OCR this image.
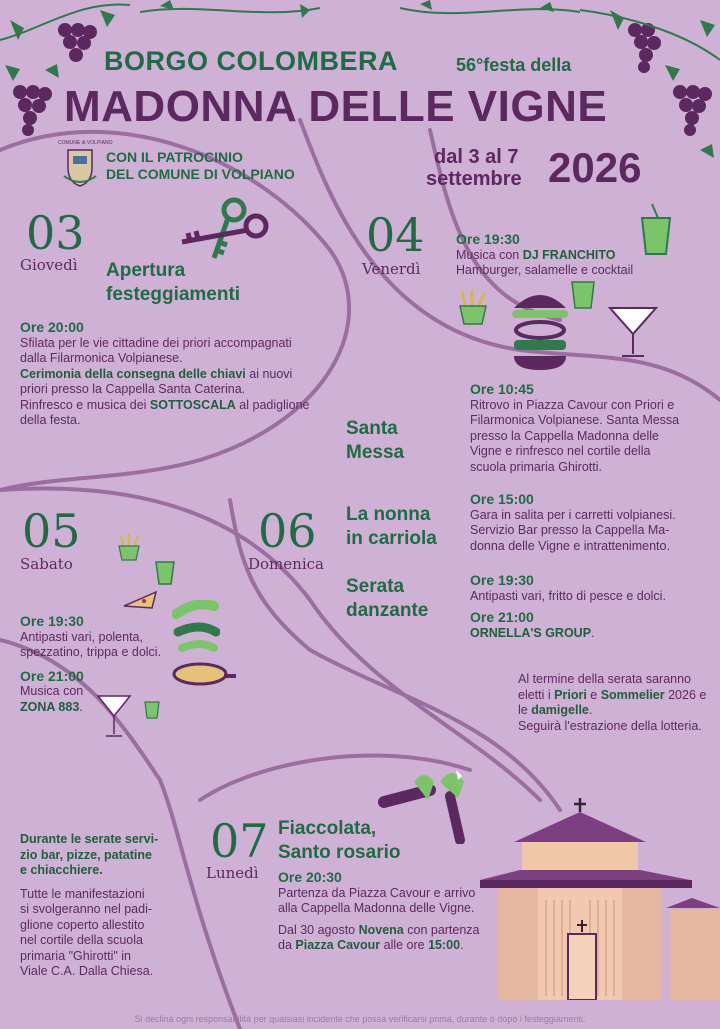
BORGO COLOMBERA	56°festa della
MADONNA DELLE VIGNE
COMUNE di VOLPIANO
CON IL PATROCINIO
DEL COMUNE DI VOLPIANO
dal 3 al 7
settembre 2026
03
Giovedì Apertura
festeggiamenti
Ore 20:00
Sfilata per le vie cittadine dei priori accompagnati
dalla Filarmonica Volpianese.
Cerimonia della consegna delle chiavi ai nuovi
priori presso la Cappella Santa Caterina.
Rinfresco e musica dei SOTTOSCALA al padiglione
della festa.
04
Venerdì
Ore 19:30
Musica con DJ FRANCHITO
Hamburger, salamelle e cocktail
Santa
Messa
Ore 10:45
Ritrovo in Piazza Cavour con Priori e
Filarmonica Volpianese. Santa Messa
presso la Cappella Madonna delle
Vigne e rinfresco nel cortile della
scuola primaria Ghirotti.
05
Sabato
Ore 19:30
Antipasti vari, polenta,
spezzatino, trippa e dolci.
Ore 21:00
Musica con
ZONA 883.
06
Domenica
La nonna
in carriola
Ore 15:00
Gara in salita per i carretti volpianesi.
Servizio Bar presso la Cappella Ma-
donna delle Vigne e intrattenimento.
Serata
danzante
Ore 19:30
Antipasti vari, fritto di pesce e dolci.
Ore 21:00
ORNELLA'S GROUP.
Al termine della serata saranno
eletti i Priori e Sommelier 2026 e
le damigelle.
Seguirà l'estrazione della lotteria.
07
Lunedì
Fiaccolata,
Santo rosario
Ore 20:30
Partenza da Piazza Cavour e arrivo
alla Cappella Madonna delle Vigne.
Dal 30 agosto Novena con partenza
da Piazza Cavour alle ore 15:00.
Durante le serate servi-
zio bar, pizze, patatine
e chiacchiere.
Tutte le manifestazioni
si svolgeranno nel padi-
glione coperto allestito
nel cortile della scuola
primaria "Ghirotti" in
Viale C.A. Dalla Chiesa.
Si declina ogni responsabilità per qualsiasi incidente che possa verificarsi prima, durante o dopo i festeggiamenti.
